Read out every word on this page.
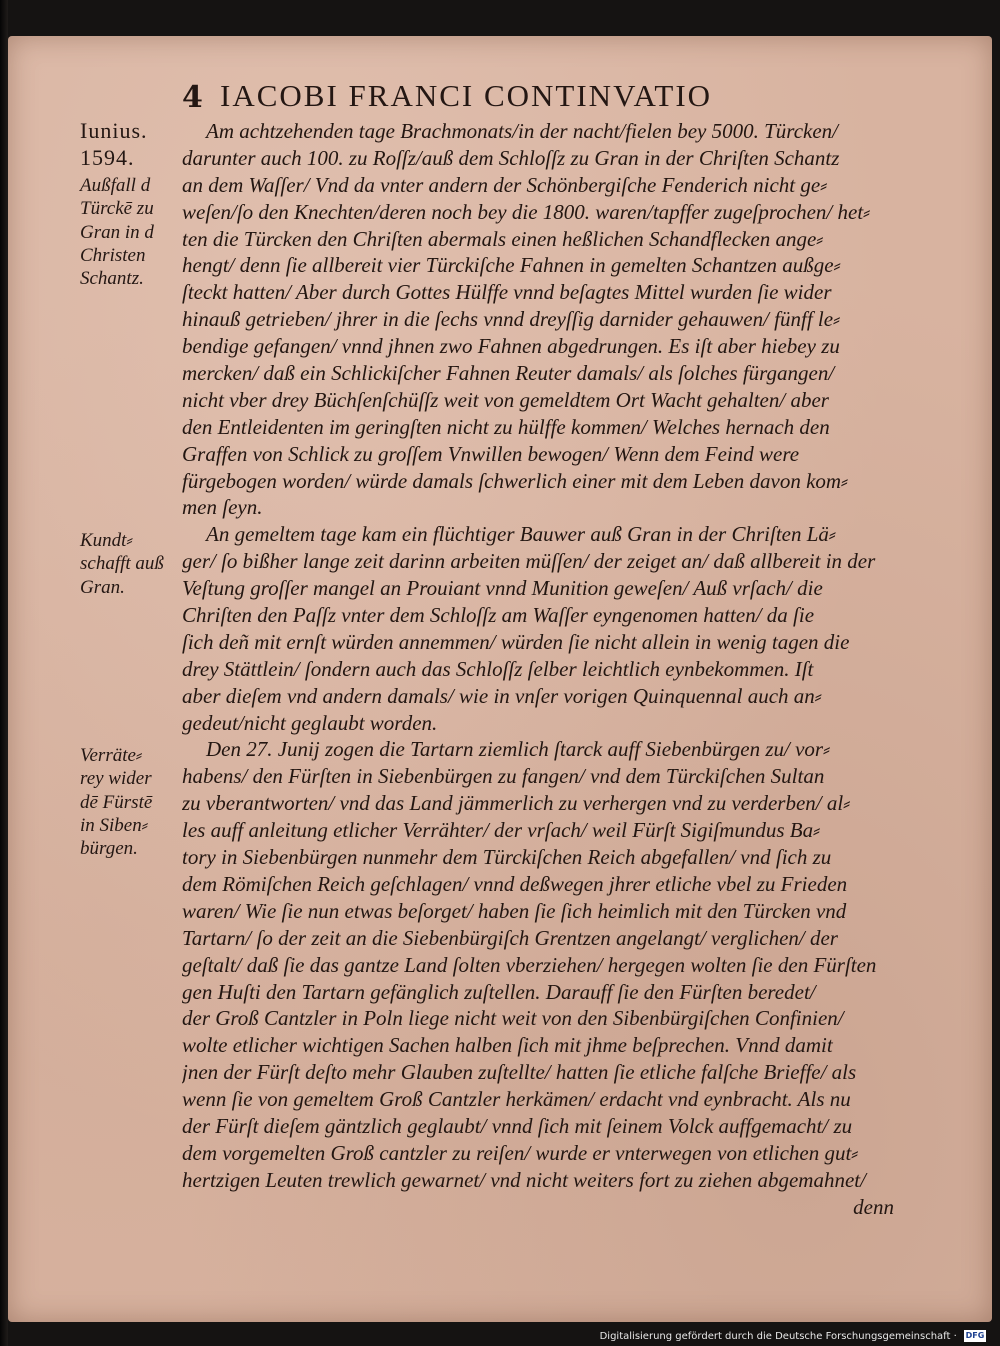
4 IACOBI FRANCI CONTINVATIO
Iunius.
1594.
Außfall d
Türckē zu
Gran in d
Christen
Schantz.
Kundt⸗
schafft auß
Gran.
Verräte⸗
rey wider
dē Fürstē
in Siben⸗
bürgen.
Am achtzehenden tage Brachmonats/in der nacht/fielen bey 5000. Türcken/
darunter auch 100. zu Roſſz/auß dem Schloſſz zu Gran in der Chriſten Schantz
an dem Waſſer/ Vnd da vnter andern der Schönbergiſche Fenderich nicht ge⸗
weſen/ſo den Knechten/deren noch bey die 1800. waren/tapffer zugeſprochen/ het⸗
ten die Türcken den Chriſten abermals einen heßlichen Schandflecken ange⸗
hengt/ denn ſie allbereit vier Türckiſche Fahnen in gemelten Schantzen außge⸗
ſteckt hatten/ Aber durch Gottes Hülffe vnnd beſagtes Mittel wurden ſie wider
hinauß getrieben/ jhrer in die ſechs vnnd dreyſſig darnider gehauwen/ fünff le⸗
bendige gefangen/ vnnd jhnen zwo Fahnen abgedrungen. Es iſt aber hiebey zu
mercken/ daß ein Schlickiſcher Fahnen Reuter damals/ als ſolches fürgangen/
nicht vber drey Büchſenſchüſſz weit von gemeldtem Ort Wacht gehalten/ aber
den Entleidenten im geringſten nicht zu hülffe kommen/ Welches hernach den
Graffen von Schlick zu groſſem Vnwillen bewogen/ Wenn dem Feind were
fürgebogen worden/ würde damals ſchwerlich einer mit dem Leben davon kom⸗
men ſeyn.
An gemeltem tage kam ein flüchtiger Bauwer auß Gran in der Chriſten Lä⸗
ger/ ſo bißher lange zeit darinn arbeiten müſſen/ der zeiget an/ daß allbereit in der
Veſtung groſſer mangel an Prouiant vnnd Munition geweſen/ Auß vrſach/ die
Chriſten den Paſſz vnter dem Schloſſz am Waſſer eyngenomen hatten/ da ſie
ſich deñ mit ernſt würden annemmen/ würden ſie nicht allein in wenig tagen die
drey Stättlein/ ſondern auch das Schloſſz ſelber leichtlich eynbekommen. Iſt
aber dieſem vnd andern damals/ wie in vnſer vorigen Quinquennal auch an⸗
gedeut/nicht geglaubt worden.
Den 27. Junij zogen die Tartarn ziemlich ſtarck auff Siebenbürgen zu/ vor⸗
habens/ den Fürſten in Siebenbürgen zu fangen/ vnd dem Türckiſchen Sultan
zu vberantworten/ vnd das Land jämmerlich zu verhergen vnd zu verderben/ al⸗
les auff anleitung etlicher Verrähter/ der vrſach/ weil Fürſt Sigiſmundus Ba⸗
tory in Siebenbürgen nunmehr dem Türckiſchen Reich abgefallen/ vnd ſich zu
dem Römiſchen Reich geſchlagen/ vnnd deßwegen jhrer etliche vbel zu Frieden
waren/ Wie ſie nun etwas beſorget/ haben ſie ſich heimlich mit den Türcken vnd
Tartarn/ ſo der zeit an die Siebenbürgiſch Grentzen angelangt/ verglichen/ der
geſtalt/ daß ſie das gantze Land ſolten vberziehen/ hergegen wolten ſie den Fürſten
gen Huſti den Tartarn gefänglich zuſtellen. Darauff ſie den Fürſten beredet/
der Groß Cantzler in Poln liege nicht weit von den Sibenbürgiſchen Confinien/
wolte etlicher wichtigen Sachen halben ſich mit jhme beſprechen. Vnnd damit
jnen der Fürſt deſto mehr Glauben zuſtellte/ hatten ſie etliche falſche Brieffe/ als
wenn ſie von gemeltem Groß Cantzler herkämen/ erdacht vnd eynbracht. Als nu
der Fürſt dieſem gäntzlich geglaubt/ vnnd ſich mit ſeinem Volck auffgemacht/ zu
dem vorgemelten Groß cantzler zu reiſen/ wurde er vnterwegen von etlichen gut⸗
hertzigen Leuten trewlich gewarnet/ vnd nicht weiters fort zu ziehen abgemahnet/
denn
Digitalisierung gefördert durch die Deutsche Forschungsgemeinschaft · DFG
